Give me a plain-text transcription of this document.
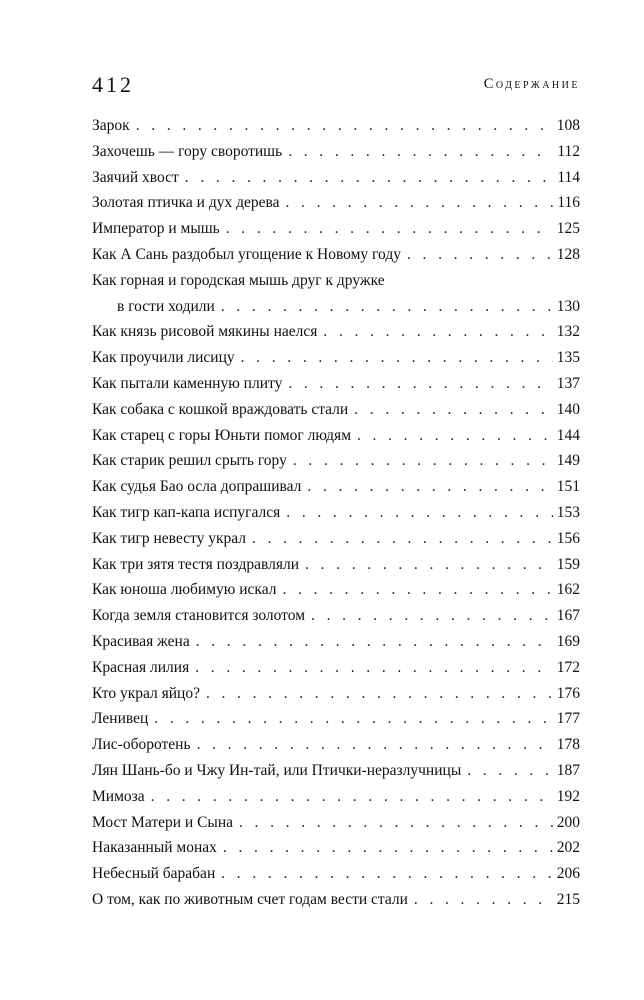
412	Содержание
Зарок . . .	108
Захочешь — гору своротишь . . .	112
Заячий хвост . . .	114
Золотая птичка и дух дерева . . .	116
Император и мышь . . .	125
Как А Сань раздобыл угощение к Новому году . . .	128
Как горная и городская мышь друг к дружке
в гости ходили . . .	130
Как князь рисовой мякины наелся . . .	132
Как проучили лисицу . . .	135
Как пытали каменную плиту . . .	137
Как собака с кошкой враждовать стали . . .	140
Как старец с горы Юньти помог людям . . .	144
Как старик решил срыть гору . . .	149
Как судья Бао осла допрашивал . . .	151
Как тигр кап-капа испугался . . .	153
Как тигр невесту украл . . .	156
Как три зятя тестя поздравляли . . .	159
Как юноша любимую искал . . .	162
Когда земля становится золотом . . .	167
Красивая жена . . .	169
Красная лилия . . .	172
Кто украл яйцо? . . .	176
Ленивец . . .	177
Лис-оборотень . . .	178
Лян Шань-бо и Чжу Ин-тай, или Птички-неразлучницы . . .	187
Мимоза . . .	192
Мост Матери и Сына . . .	200
Наказанный монах . . .	202
Небесный барабан . . .	206
О том, как по животным счет годам вести стали . . .	215
